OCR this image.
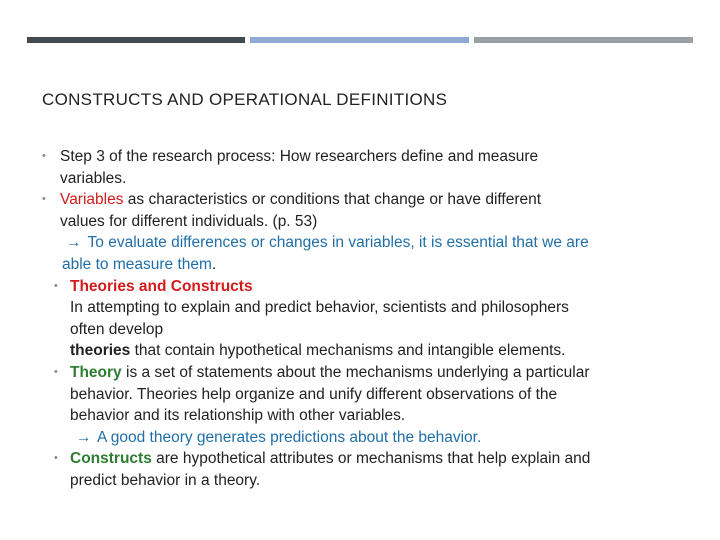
CONSTRUCTS AND OPERATIONAL DEFINITIONS
• Step 3 of the research process: How researchers define and measure
variables.
• Variables as characteristics or conditions that change or have different
values for different individuals. (p. 53)
→ To evaluate differences or changes in variables, it is essential that we are
able to measure them.
• Theories and Constructs
In attempting to explain and predict behavior, scientists and philosophers
often develop
theories that contain hypothetical mechanisms and intangible elements.
• Theory is a set of statements about the mechanisms underlying a particular
behavior. Theories help organize and unify different observations of the
behavior and its relationship with other variables.
→ A good theory generates predictions about the behavior.
• Constructs are hypothetical attributes or mechanisms that help explain and
predict behavior in a theory.
